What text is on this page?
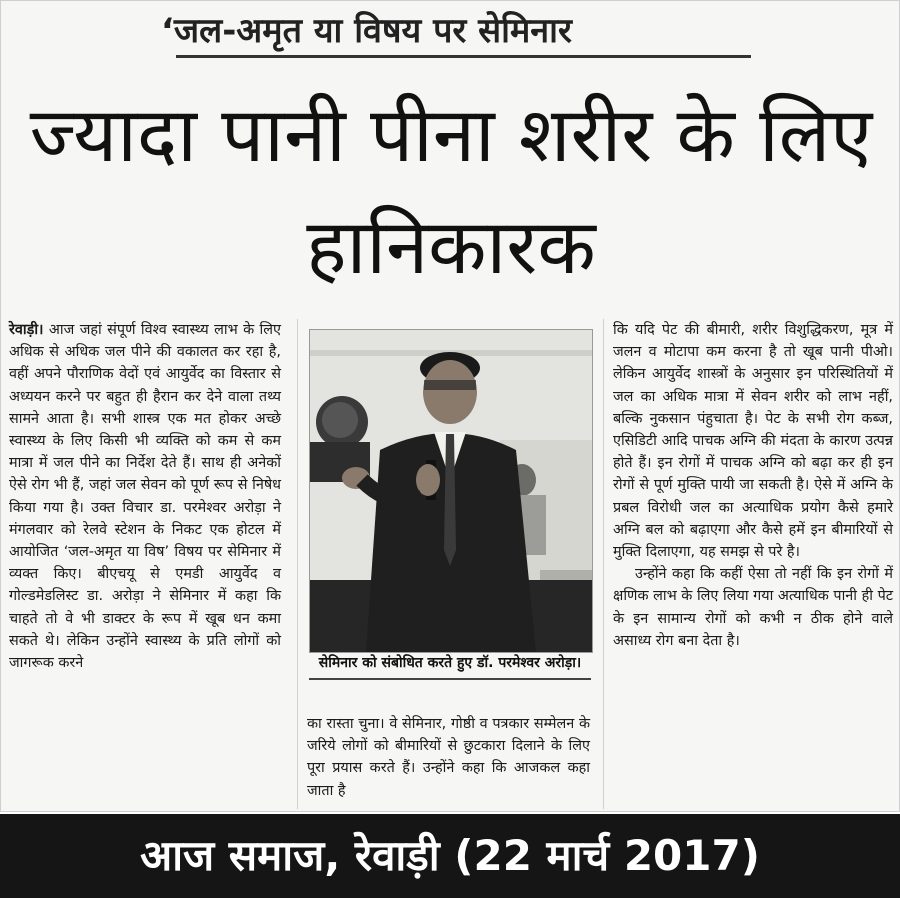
‘जल-अमृत या विषय पर सेमिनार
ज्यादा पानी पीना शरीर के लिए हानिकारक

रेवाड़ी। आज जहां संपूर्ण विश्व स्वास्थ्य लाभ के लिए अधिक से अधिक जल पीने की वकालत कर रहा है, वहीं अपने पौराणिक वेदों एवं आयुर्वेद का विस्तार से अध्ययन करने पर बहुत ही हैरान कर देने वाला तथ्य सामने आता है। सभी शास्त्र एक मत होकर अच्छे स्वास्थ्य के लिए किसी भी व्यक्ति को कम से कम मात्रा में जल पीने का निर्देश देते हैं। साथ ही अनेकों ऐसे रोग भी हैं, जहां जल सेवन को पूर्ण रूप से निषेध किया गया है। उक्त विचार डा. परमेश्वर अरोड़ा ने मंगलवार को रेलवे स्टेशन के निकट एक होटल में आयोजित ‘जल-अमृत या विष’ विषय पर सेमिनार में व्यक्त किए। बीएचयू से एमडी आयुर्वेद व गोल्डमेडलिस्ट डा. अरोड़ा ने सेमिनार में कहा कि चाहते तो वे भी डाक्टर के रूप में खूब धन कमा सकते थे। लेकिन उन्होंने स्वास्थ्य के प्रति लोगों को जागरूक करने	सेमिनार को संबोधित करते हुए डॉ. परमेश्वर अरोड़ा।

का रास्ता चुना। वे सेमिनार, गोष्ठी व पत्रकार सम्मेलन के जरिये लोगों को बीमारियों से छुटकारा दिलाने के लिए पूरा प्रयास करते हैं। उन्होंने कहा कि आजकल कहा जाता है

कि यदि पेट की बीमारी, शरीर विशुद्धिकरण, मूत्र में जलन व मोटापा कम करना है तो खूब पानी पीओ। लेकिन आयुर्वेद शास्त्रों के अनुसार इन परिस्थितियों में जल का अधिक मात्रा में सेवन शरीर को लाभ नहीं, बल्कि नुकसान पंहुचाता है। पेट के सभी रोग कब्ज, एसिडिटी आदि पाचक अग्नि की मंदता के कारण उत्पन्न होते हैं। इन रोगों में पाचक अग्नि को बढ़ा कर ही इन रोगों से पूर्ण मुक्ति पायी जा सकती है। ऐसे में अग्नि के प्रबल विरोधी जल का अत्याधिक प्रयोग कैसे हमारे अग्नि बल को बढ़ाएगा और कैसे हमें इन बीमारियों से मुक्ति दिलाएगा, यह समझ से परे है।

उन्होंने कहा कि कहीं ऐसा तो नहीं कि इन रोगों में क्षणिक लाभ के लिए लिया गया अत्याधिक पानी ही पेट के इन सामान्य रोगों को कभी न ठीक होने वाले असाध्य रोग बना देता है।

आज समाज, रेवाड़ी (22 मार्च 2017)
